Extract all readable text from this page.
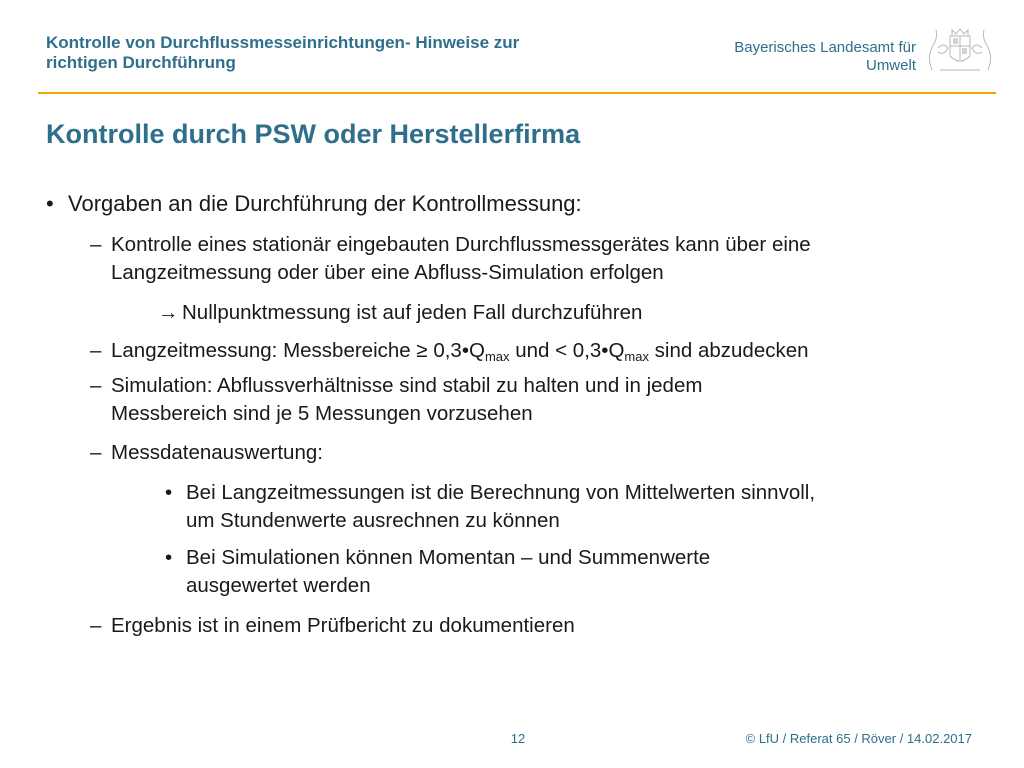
Kontrolle von Durchflussmesseinrichtungen- Hinweise zur
richtigen Durchführung
Bayerisches Landesamt für
Umwelt
Kontrolle durch PSW oder Herstellerfirma
• Vorgaben an die Durchführung der Kontrollmessung:
– Kontrolle eines stationär eingebauten Durchflussmessgerätes kann über eine
Langzeitmessung oder über eine Abfluss-Simulation erfolgen
→ Nullpunktmessung ist auf jeden Fall durchzuführen
– Langzeitmessung: Messbereiche ≥ $0,3•Q_{max}$ und < $0,3•Q_{max}$ sind abzudecken
– Simulation: Abflussverhältnisse sind stabil zu halten und in jedem
Messbereich sind je 5 Messungen vorzusehen
– Messdatenauswertung:
• Bei Langzeitmessungen ist die Berechnung von Mittelwerten sinnvoll,
um Stundenwerte ausrechnen zu können
• Bei Simulationen können Momentan – und Summenwerte
ausgewertet werden
– Ergebnis ist in einem Prüfbericht zu dokumentieren
12	© LfU / Referat 65 / Röver / 14.02.2017
